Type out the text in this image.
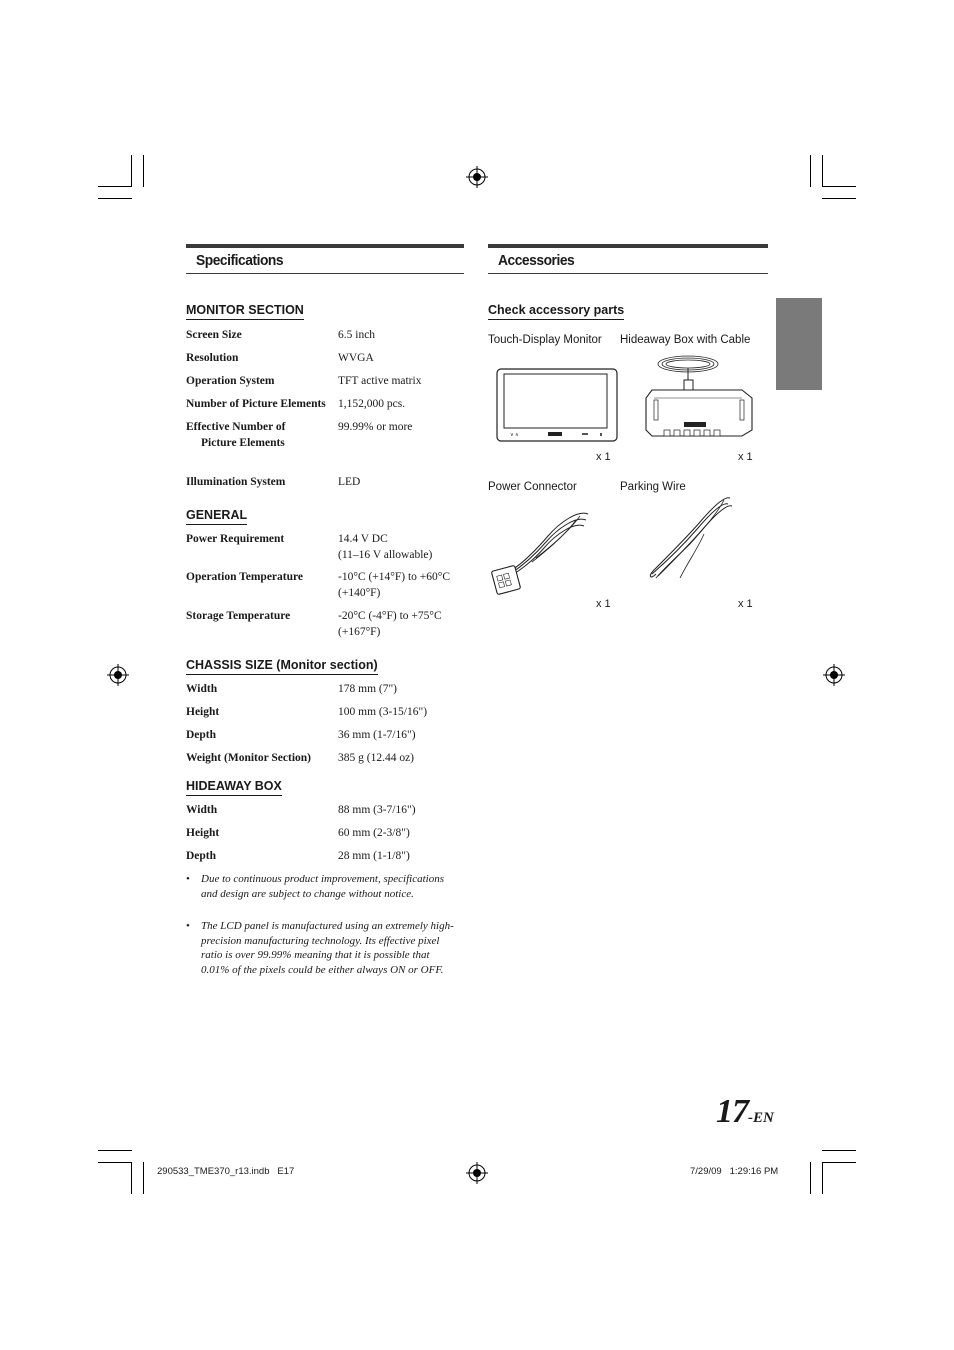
Specifications
MONITOR SECTION
Screen Size	6.5 inch
Resolution	WVGA
Operation System	TFT active matrix
Number of Picture Elements	1,152,000 pcs.
Effective Number of
Picture Elements
99.99% or more
Illumination System	LED
GENERAL
Power Requirement	14.4 V DC
(11–16 V allowable)
Operation Temperature	-10°C (+14°F) to +60°C
(+140°F)
Storage Temperature	-20°C (-4°F) to +75°C
(+167°F)
CHASSIS SIZE (Monitor section)
Width	178 mm (7")
Height	100 mm (3-15/16")
Depth	36 mm (1-7/16")
Weight (Monitor Section)	385 g (12.44 oz)
HIDEAWAY BOX
Width	88 mm (3-7/16")
Height	60 mm (2-3/8")
Depth	28 mm (1-1/8")
• Due to continuous product improvement, specifications and design are subject to change without notice.
• The LCD panel is manufactured using an extremely high-precision manufacturing technology. Its effective pixel ratio is over 99.99% meaning that it is possible that 0.01% of the pixels could be either always ON or OFF.
Accessories
Check accessory parts
Touch-Display Monitor Hideaway Box with Cable
∨ ∧
x 1	x 1
Power Connector	Parking Wire
x 1	x 1
17-EN
290533_TME370_r13.indb   E17	7/29/09   1:29:16 PM
